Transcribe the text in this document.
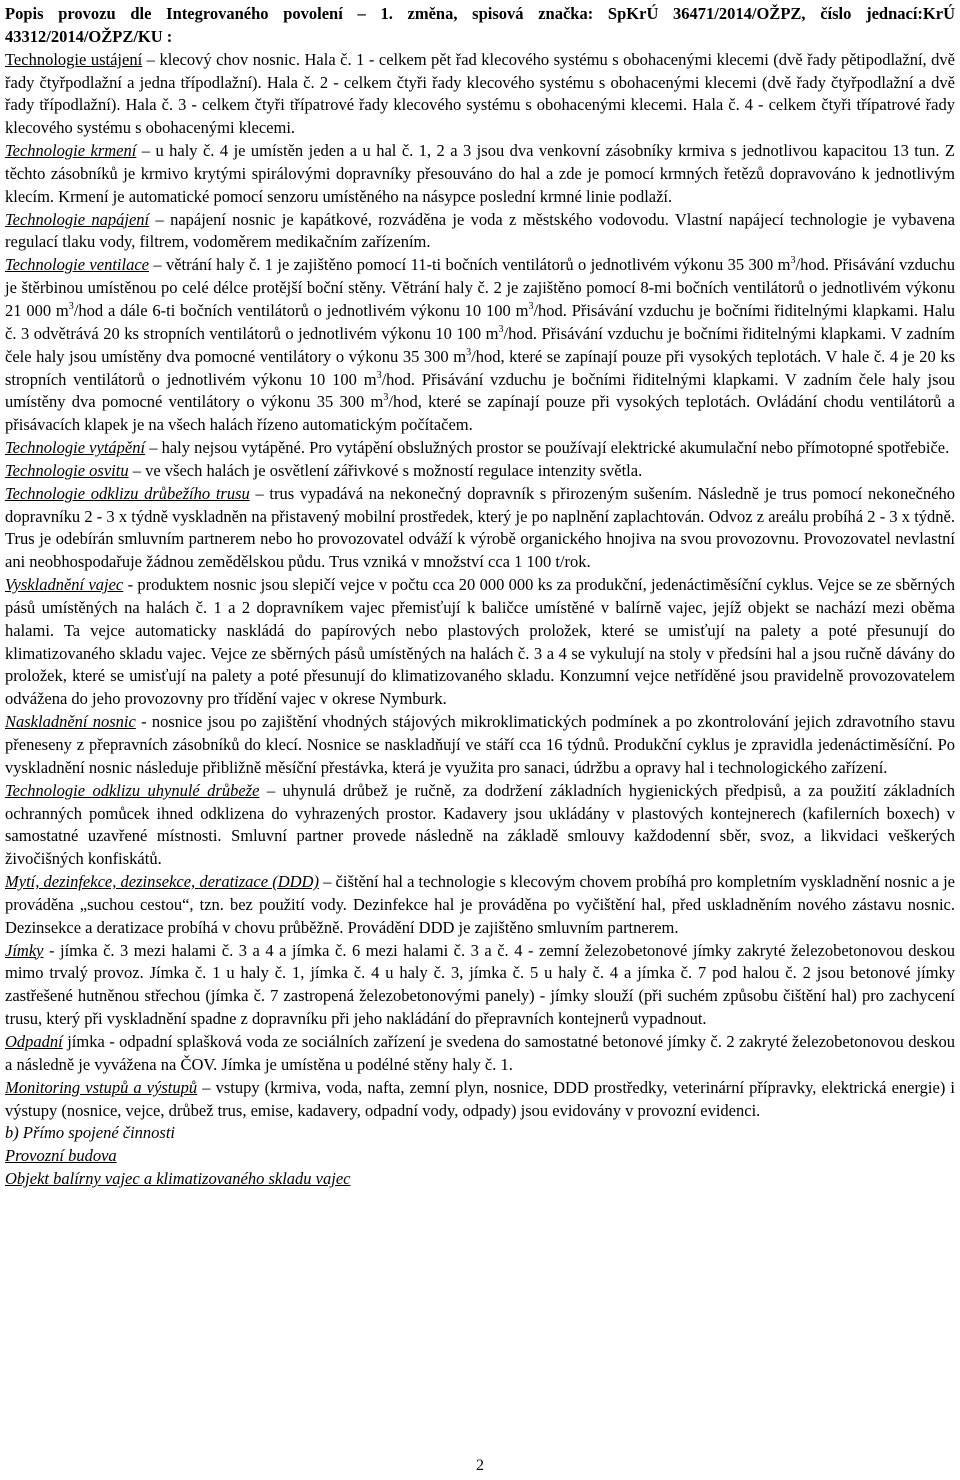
Popis provozu dle Integrovaného povolení – 1. změna, spisová značka: SpKrÚ 36471/2014/OŽPZ, číslo jednací:KrÚ 43312/2014/OŽPZ/KU :

Technologie ustájení – klecový chov nosnic. Hala č. 1 - celkem pět řad klecového systému s obohacenými klecemi (dvě řady pětipodlažní, dvě řady čtyřpodlažní a jedna třípodlažní). Hala č. 2 - celkem čtyři řady klecového systému s obohacenými klecemi (dvě řady čtyřpodlažní a dvě řady třípodlažní). Hala č. 3 - celkem čtyři třípatrové řady klecového systému s obohacenými klecemi. Hala č. 4 - celkem čtyři třípatrové řady klecového systému s obohacenými klecemi.

Technologie krmení – u haly č. 4 je umístěn jeden a u hal č. 1, 2 a 3 jsou dva venkovní zásobníky krmiva s jednotlivou kapacitou 13 tun. Z těchto zásobníků je krmivo krytými spirálovými dopravníky přesouváno do hal a zde je pomocí krmných řetězů dopravováno k jednotlivým klecím. Krmení je automatické pomocí senzoru umístěného na násypce poslední krmné linie podlaží.

Technologie napájení – napájení nosnic je kapátkové, rozváděna je voda z městského vodovodu. Vlastní napájecí technologie je vybavena regulací tlaku vody, filtrem, vodoměrem medikačním zařízením.

Technologie ventilace – větrání haly č. 1 je zajištěno pomocí 11-ti bočních ventilátorů o jednotlivém výkonu 35 300 $m^3$/hod. Přisávání vzduchu je štěrbinou umístěnou po celé délce protější boční stěny. Větrání haly č. 2 je zajištěno pomocí 8-mi bočních ventilátorů o jednotlivém výkonu 21 000 $m^3$/hod a dále 6-ti bočních ventilátorů o jednotlivém výkonu 10 100 $m^3$/hod. Přisávání vzduchu je bočními řiditelnými klapkami. Halu č. 3 odvětrává 20 ks stropních ventilátorů o jednotlivém výkonu 10 100 $m^3$/hod. Přisávání vzduchu je bočními řiditelnými klapkami. V zadním čele haly jsou umístěny dva pomocné ventilátory o výkonu 35 300 $m^3$/hod, které se zapínají pouze při vysokých teplotách. V hale č. 4 je 20 ks stropních ventilátorů o jednotlivém výkonu 10 100 $m^3$/hod. Přisávání vzduchu je bočními řiditelnými klapkami. V zadním čele haly jsou umístěny dva pomocné ventilátory o výkonu 35 300 $m^3$/hod, které se zapínají pouze při vysokých teplotách. Ovládání chodu ventilátorů a přisávacích klapek je na všech halách řízeno automatickým počítačem.

Technologie vytápění – haly nejsou vytápěné. Pro vytápění obslužných prostor se používají elektrické akumulační nebo přímotopné spotřebiče.

Technologie osvitu – ve všech halách je osvětlení zářivkové s možností regulace intenzity světla.

Technologie odklizu drůbežího trusu – trus vypadává na nekonečný dopravník s přirozeným sušením. Následně je trus pomocí nekonečného dopravníku 2 - 3 x týdně vyskladněn na přistavený mobilní prostředek, který je po naplnění zaplachtován. Odvoz z areálu probíhá 2 - 3 x týdně. Trus je odebírán smluvním partnerem nebo ho provozovatel odváží k výrobě organického hnojiva na svou provozovnu. Provozovatel nevlastní ani neobhospodařuje žádnou zemědělskou půdu. Trus vzniká v množství cca 1 100 t/rok.

Vyskladnění vajec - produktem nosnic jsou slepičí vejce v počtu cca 20 000 000 ks za produkční, jedenáctiměsíční cyklus. Vejce se ze sběrných pásů umístěných na halách č. 1 a 2 dopravníkem vajec přemisťují k baličce umístěné v balírně vajec, jejíž objekt se nachází mezi oběma halami. Ta vejce automaticky naskládá do papírových nebo plastových proložek, které se umisťují na palety a poté přesunují do klimatizovaného skladu vajec. Vejce ze sběrných pásů umístěných na halách č. 3 a 4 se vykulují na stoly v předsíni hal a jsou ručně dávány do proložek, které se umisťují na palety a poté přesunují do klimatizovaného skladu. Konzumní vejce netříděné jsou pravidelně provozovatelem odvážena do jeho provozovny pro třídění vajec v okrese Nymburk.

Naskladnění nosnic - nosnice jsou po zajištění vhodných stájových mikroklimatických podmínek a po zkontrolování jejich zdravotního stavu přeneseny z přepravních zásobníků do klecí. Nosnice se naskladňují ve stáří cca 16 týdnů. Produkční cyklus je zpravidla jedenáctiměsíční. Po vyskladnění nosnic následuje přibližně měsíční přestávka, která je využita pro sanaci, údržbu a opravy hal i technologického zařízení.

Technologie odklizu uhynulé drůbeže – uhynulá drůbež je ručně, za dodržení základních hygienických předpisů, a za použití základních ochranných pomůcek ihned odklizena do vyhrazených prostor. Kadavery jsou ukládány v plastových kontejnerech (kafilerních boxech) v samostatné uzavřené místnosti. Smluvní partner provede následně na základě smlouvy každodenní sběr, svoz, a likvidaci veškerých živočišných konfiskátů.

Mytí, dezinfekce, dezinsekce, deratizace (DDD) – čištění hal a technologie s klecovým chovem probíhá pro kompletním vyskladnění nosnic a je prováděna „suchou cestou“, tzn. bez použití vody. Dezinfekce hal je prováděna po vyčištění hal, před uskladněním nového zástavu nosnic. Dezinsekce a deratizace probíhá v chovu průběžně. Provádění DDD je zajištěno smluvním partnerem.

Jímky - jímka č. 3 mezi halami č. 3 a 4 a jímka č. 6 mezi halami č. 3 a č. 4 - zemní železobetonové jímky zakryté železobetonovou deskou mimo trvalý provoz. Jímka č. 1 u haly č. 1, jímka č. 4 u haly č. 3, jímka č. 5 u haly č. 4 a jímka č. 7 pod halou č. 2 jsou betonové jímky zastřešené hutněnou střechou (jímka č. 7 zastropená železobetonovými panely) - jímky slouží (při suchém způsobu čištění hal) pro zachycení trusu, který při vyskladnění spadne z dopravníku při jeho nakládání do přepravních kontejnerů vypadnout.

Odpadní jímka - odpadní splašková voda ze sociálních zařízení je svedena do samostatné betonové jímky č. 2 zakryté železobetonovou deskou a následně je vyvážena na ČOV. Jímka je umístěna u podélné stěny haly č. 1.

Monitoring vstupů a výstupů – vstupy (krmiva, voda, nafta, zemní plyn, nosnice, DDD prostředky, veterinární přípravky, elektrická energie) i výstupy (nosnice, vejce, drůbež trus, emise, kadavery, odpadní vody, odpady) jsou evidovány v provozní evidenci.

b) Přímo spojené činnosti

Provozní budova

Objekt balírny vajec a klimatizovaného skladu vajec

2
